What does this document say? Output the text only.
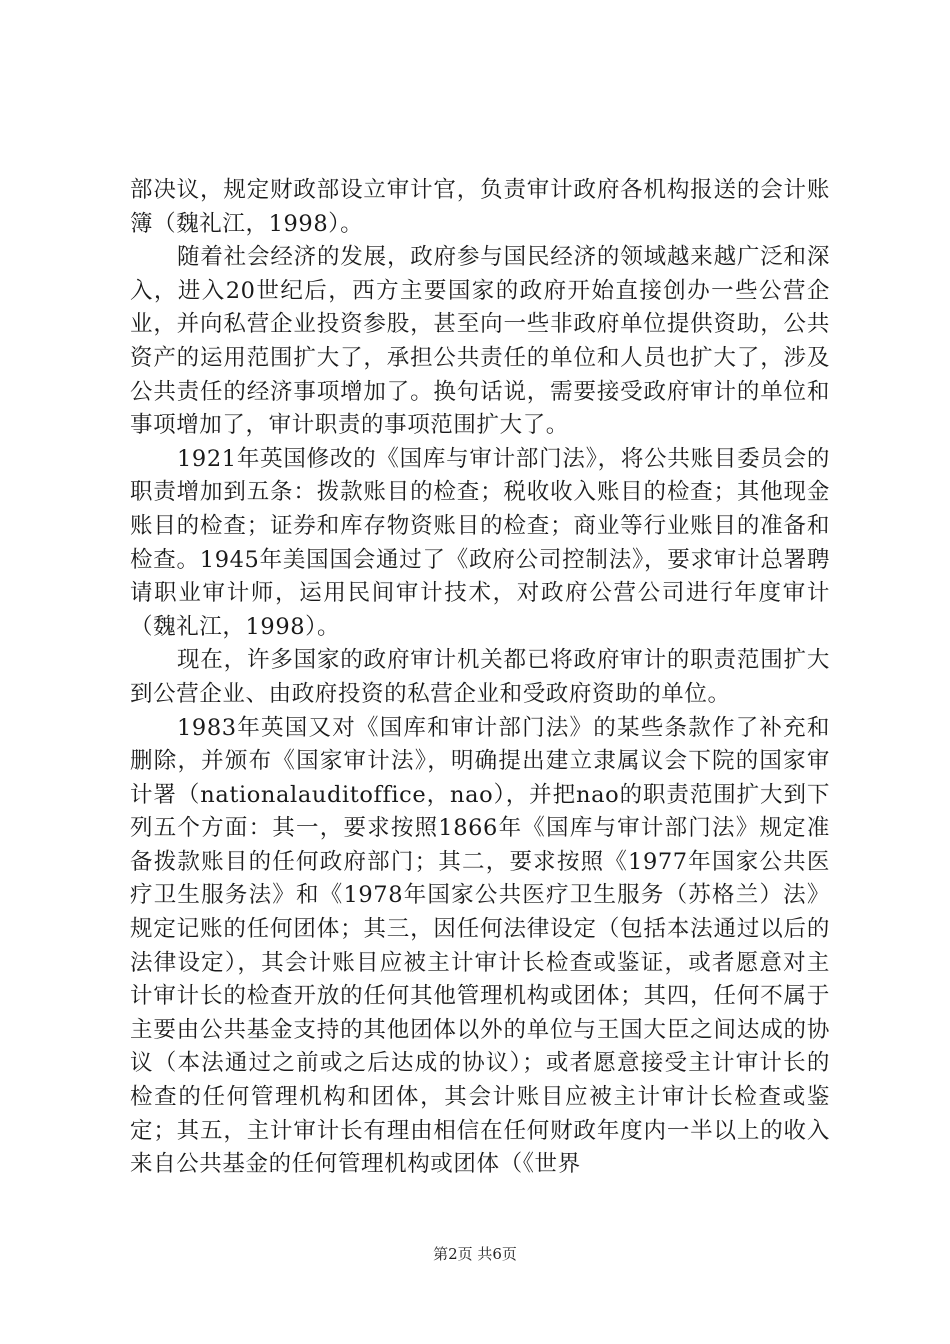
部决议，规定财政部设立审计官，负责审计政府各机构报送的会计账簿（魏礼江，1998）。

随着社会经济的发展，政府参与国民经济的领域越来越广泛和深入，进入20世纪后，西方主要国家的政府开始直接创办一些公营企业，并向私营企业投资参股，甚至向一些非政府单位提供资助，公共资产的运用范围扩大了，承担公共责任的单位和人员也扩大了，涉及公共责任的经济事项增加了。换句话说，需要接受政府审计的单位和事项增加了，审计职责的事项范围扩大了。

1921年英国修改的《国库与审计部门法》，将公共账目委员会的职责增加到五条：拨款账目的检查；税收收入账目的检查；其他现金账目的检查；证券和库存物资账目的检查；商业等行业账目的准备和检查。1945年美国国会通过了《政府公司控制法》，要求审计总署聘请职业审计师，运用民间审计技术，对政府公营公司进行年度审计（魏礼江，1998）。

现在，许多国家的政府审计机关都已将政府审计的职责范围扩大到公营企业、由政府投资的私营企业和受政府资助的单位。

1983年英国又对《国库和审计部门法》的某些条款作了补充和删除，并颁布《国家审计法》，明确提出建立隶属议会下院的国家审计署（nationalauditoffice，nao），并把nao的职责范围扩大到下列五个方面：其一，要求按照1866年《国库与审计部门法》规定准备拨款账目的任何政府部门；其二，要求按照《1977年国家公共医疗卫生服务法》和《1978年国家公共医疗卫生服务（苏格兰）法》规定记账的任何团体；其三，因任何法律设定（包括本法通过以后的法律设定），其会计账目应被主计审计长检查或鉴证，或者愿意对主计审计长的检查开放的任何其他管理机构或团体；其四，任何不属于主要由公共基金支持的其他团体以外的单位与王国大臣之间达成的协议（本法通过之前或之后达成的协议）；或者愿意接受主计审计长的检查的任何管理机构和团体，其会计账目应被主计审计长检查或鉴定；其五，主计审计长有理由相信在任何财政年度内一半以上的收入来自公共基金的任何管理机构或团体（《世界

第2页 共6页
